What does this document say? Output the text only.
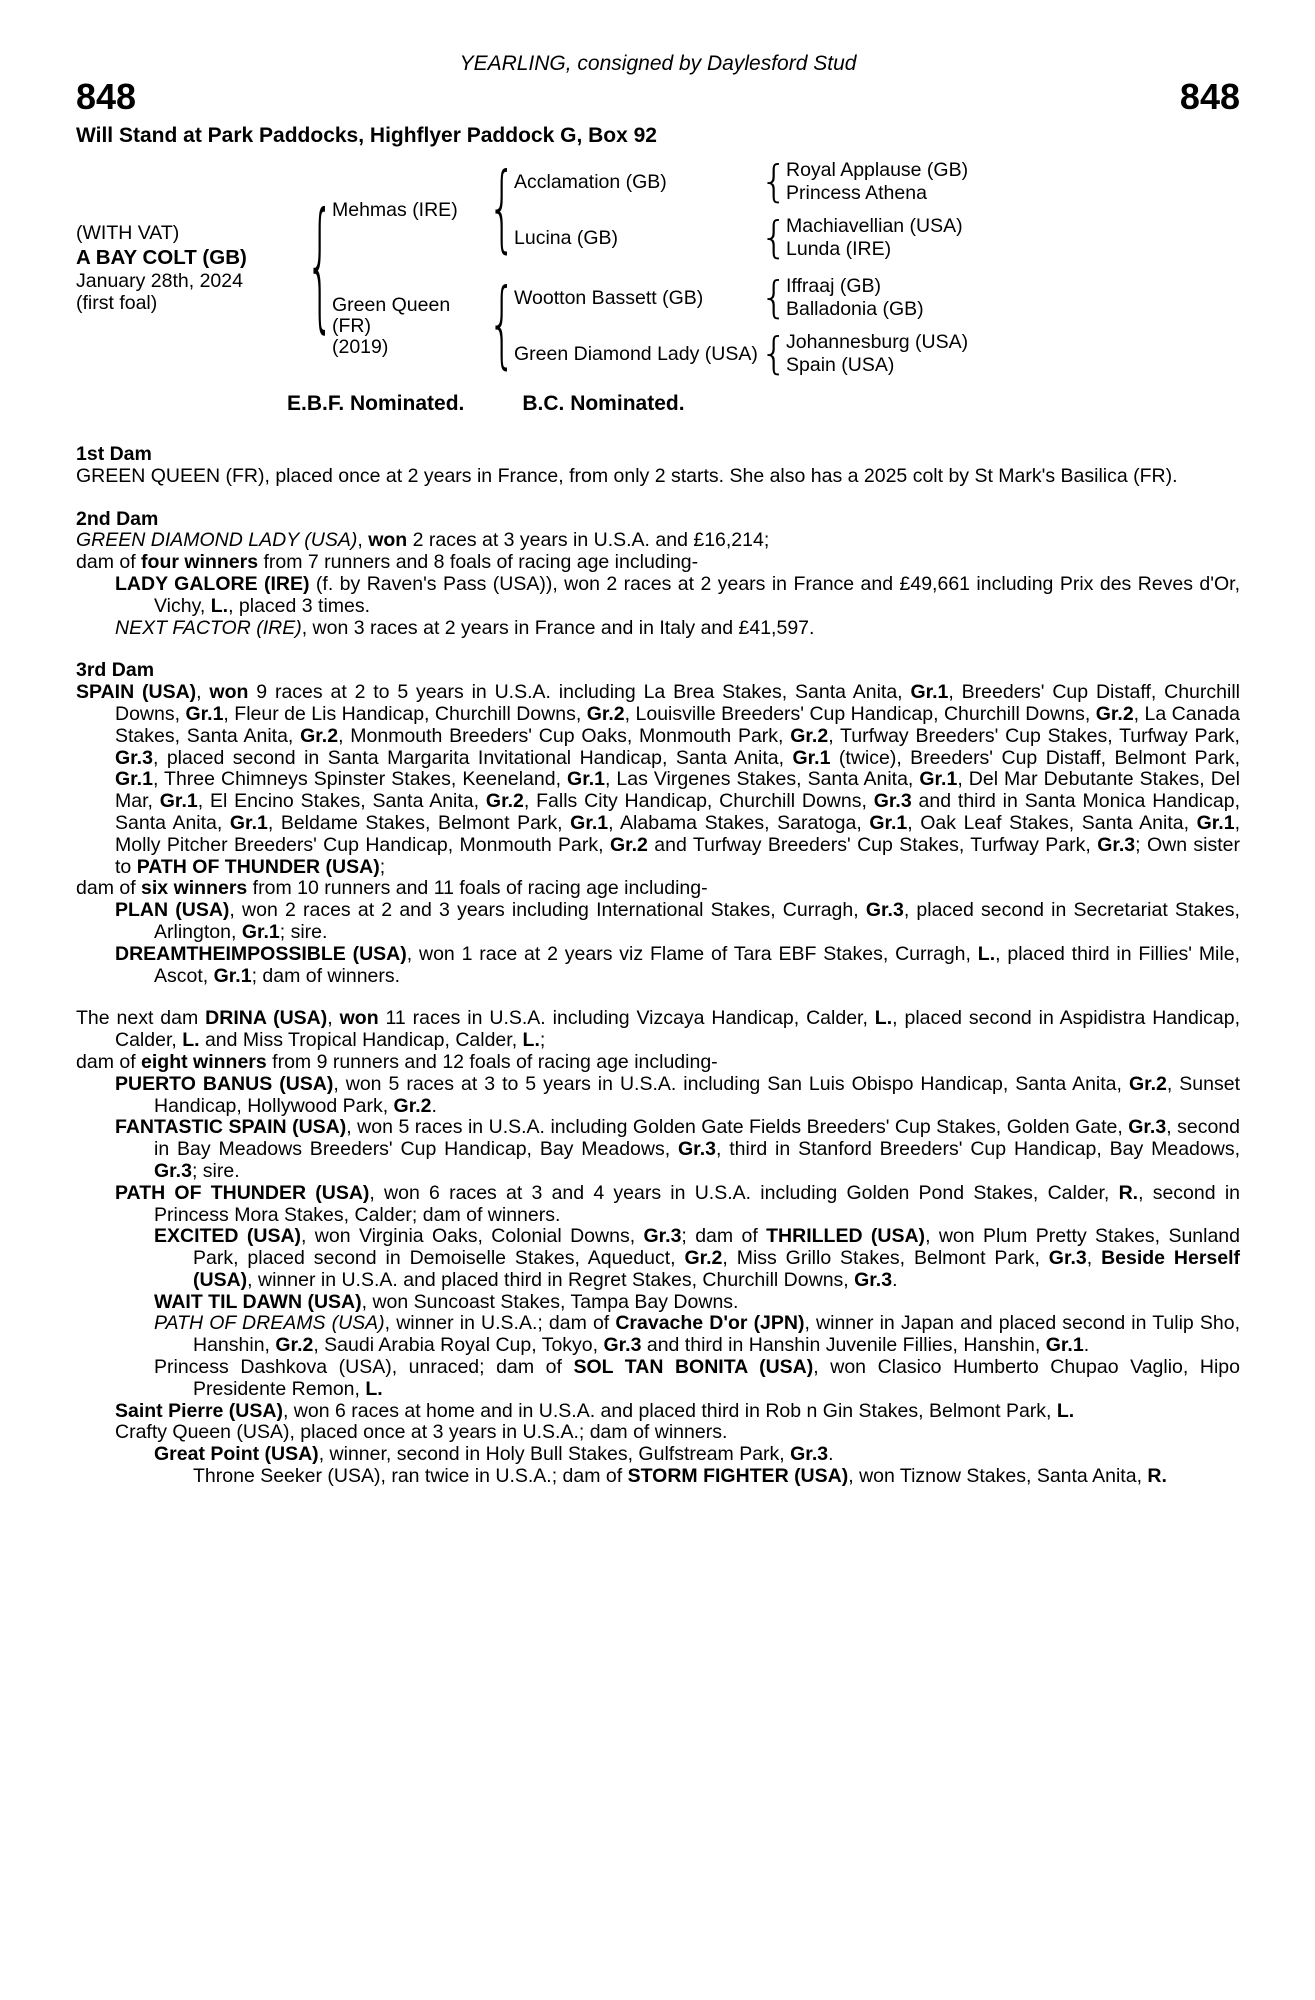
YEARLING, consigned by Daylesford Stud
848	848
Will Stand at Park Paddocks, Highflyer Paddock G, Box 92
(WITH VAT)
A BAY COLT (GB)
January 28th, 2024
(first foal)
{
Mehmas (IRE)
{
Acclamation (GB)
{
Royal Applause (GB)
Princess Athena
Lucina (GB)
{
Machiavellian (USA)
Lunda (IRE)
Green Queen (FR)
(2019)
{
Wootton Bassett (GB)
{
Iffraaj (GB)
Balladonia (GB)
Green Diamond Lady (USA)
{
Johannesburg (USA)
Spain (USA)
E.B.F. Nominated.	B.C. Nominated.
1st Dam
GREEN QUEEN (FR), placed once at 2 years in France, from only 2 starts. She also has a 2025 colt by St Mark's Basilica (FR).
2nd Dam
GREEN DIAMOND LADY (USA), won 2 races at 3 years in U.S.A. and £16,214;
dam of four winners from 7 runners and 8 foals of racing age including-
LADY GALORE (IRE) (f. by Raven's Pass (USA)), won 2 races at 2 years in France and £49,661 including Prix des Reves d'Or, Vichy, L., placed 3 times.
NEXT FACTOR (IRE), won 3 races at 2 years in France and in Italy and £41,597.
3rd Dam
SPAIN (USA), won 9 races at 2 to 5 years in U.S.A. including La Brea Stakes, Santa Anita, Gr.1, Breeders' Cup Distaff, Churchill Downs, Gr.1, Fleur de Lis Handicap, Churchill Downs, Gr.2, Louisville Breeders' Cup Handicap, Churchill Downs, Gr.2, La Canada Stakes, Santa Anita, Gr.2, Monmouth Breeders' Cup Oaks, Monmouth Park, Gr.2, Turfway Breeders' Cup Stakes, Turfway Park, Gr.3, placed second in Santa Margarita Invitational Handicap, Santa Anita, Gr.1 (twice), Breeders' Cup Distaff, Belmont Park, Gr.1, Three Chimneys Spinster Stakes, Keeneland, Gr.1, Las Virgenes Stakes, Santa Anita, Gr.1, Del Mar Debutante Stakes, Del Mar, Gr.1, El Encino Stakes, Santa Anita, Gr.2, Falls City Handicap, Churchill Downs, Gr.3 and third in Santa Monica Handicap, Santa Anita, Gr.1, Beldame Stakes, Belmont Park, Gr.1, Alabama Stakes, Saratoga, Gr.1, Oak Leaf Stakes, Santa Anita, Gr.1, Molly Pitcher Breeders' Cup Handicap, Monmouth Park, Gr.2 and Turfway Breeders' Cup Stakes, Turfway Park, Gr.3; Own sister to PATH OF THUNDER (USA);
dam of six winners from 10 runners and 11 foals of racing age including-
PLAN (USA), won 2 races at 2 and 3 years including International Stakes, Curragh, Gr.3, placed second in Secretariat Stakes, Arlington, Gr.1; sire.
DREAMTHEIMPOSSIBLE (USA), won 1 race at 2 years viz Flame of Tara EBF Stakes, Curragh, L., placed third in Fillies' Mile, Ascot, Gr.1; dam of winners.
The next dam DRINA (USA), won 11 races in U.S.A. including Vizcaya Handicap, Calder, L., placed second in Aspidistra Handicap, Calder, L. and Miss Tropical Handicap, Calder, L.;
dam of eight winners from 9 runners and 12 foals of racing age including-
PUERTO BANUS (USA), won 5 races at 3 to 5 years in U.S.A. including San Luis Obispo Handicap, Santa Anita, Gr.2, Sunset Handicap, Hollywood Park, Gr.2.
FANTASTIC SPAIN (USA), won 5 races in U.S.A. including Golden Gate Fields Breeders' Cup Stakes, Golden Gate, Gr.3, second in Bay Meadows Breeders' Cup Handicap, Bay Meadows, Gr.3, third in Stanford Breeders' Cup Handicap, Bay Meadows, Gr.3; sire.
PATH OF THUNDER (USA), won 6 races at 3 and 4 years in U.S.A. including Golden Pond Stakes, Calder, R., second in Princess Mora Stakes, Calder; dam of winners.
EXCITED (USA), won Virginia Oaks, Colonial Downs, Gr.3; dam of THRILLED (USA), won Plum Pretty Stakes, Sunland Park, placed second in Demoiselle Stakes, Aqueduct, Gr.2, Miss Grillo Stakes, Belmont Park, Gr.3, Beside Herself (USA), winner in U.S.A. and placed third in Regret Stakes, Churchill Downs, Gr.3.
WAIT TIL DAWN (USA), won Suncoast Stakes, Tampa Bay Downs.
PATH OF DREAMS (USA), winner in U.S.A.; dam of Cravache D'or (JPN), winner in Japan and placed second in Tulip Sho, Hanshin, Gr.2, Saudi Arabia Royal Cup, Tokyo, Gr.3 and third in Hanshin Juvenile Fillies, Hanshin, Gr.1.
Princess Dashkova (USA), unraced; dam of SOL TAN BONITA (USA), won Clasico Humberto Chupao Vaglio, Hipo Presidente Remon, L.
Saint Pierre (USA), won 6 races at home and in U.S.A. and placed third in Rob n Gin Stakes, Belmont Park, L.
Crafty Queen (USA), placed once at 3 years in U.S.A.; dam of winners.
Great Point (USA), winner, second in Holy Bull Stakes, Gulfstream Park, Gr.3.
Throne Seeker (USA), ran twice in U.S.A.; dam of STORM FIGHTER (USA), won Tiznow Stakes, Santa Anita, R.
